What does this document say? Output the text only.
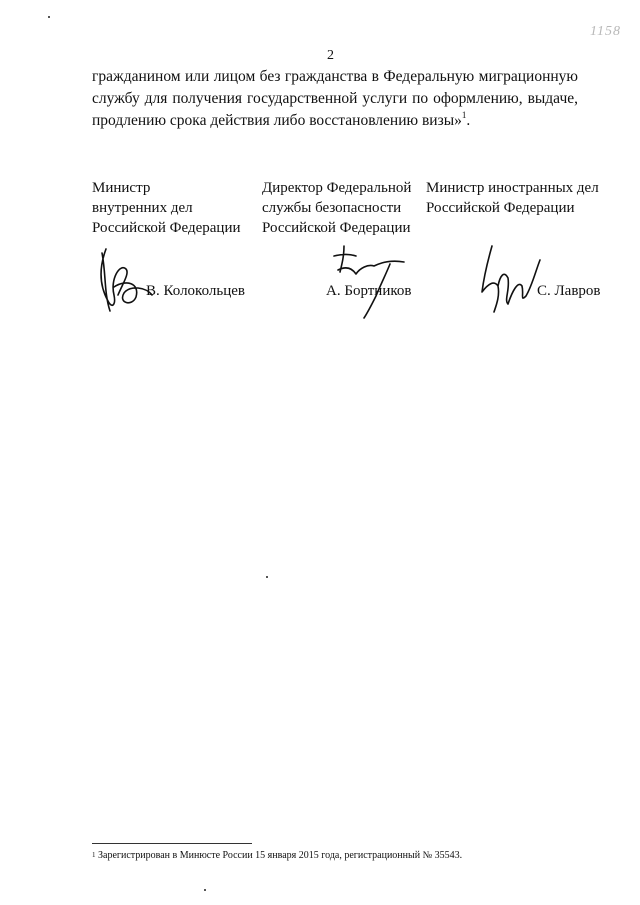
2
1158
гражданином или лицом без гражданства в Федеральную миграционную
службу для получения государственной услуги по оформлению, выдаче,
продлению срока действия либо восстановлению визы»$^1$.
Министр
внутренних дел
Российской Федерации
В. Колокольцев
Директор Федеральной
службы безопасности
Российской Федерации
А. Бортников
Министр иностранных дел
Российской Федерации
С. Лавров
$^1$ Зарегистрирован в Минюсте России 15 января 2015 года, регистрационный № 35543.
